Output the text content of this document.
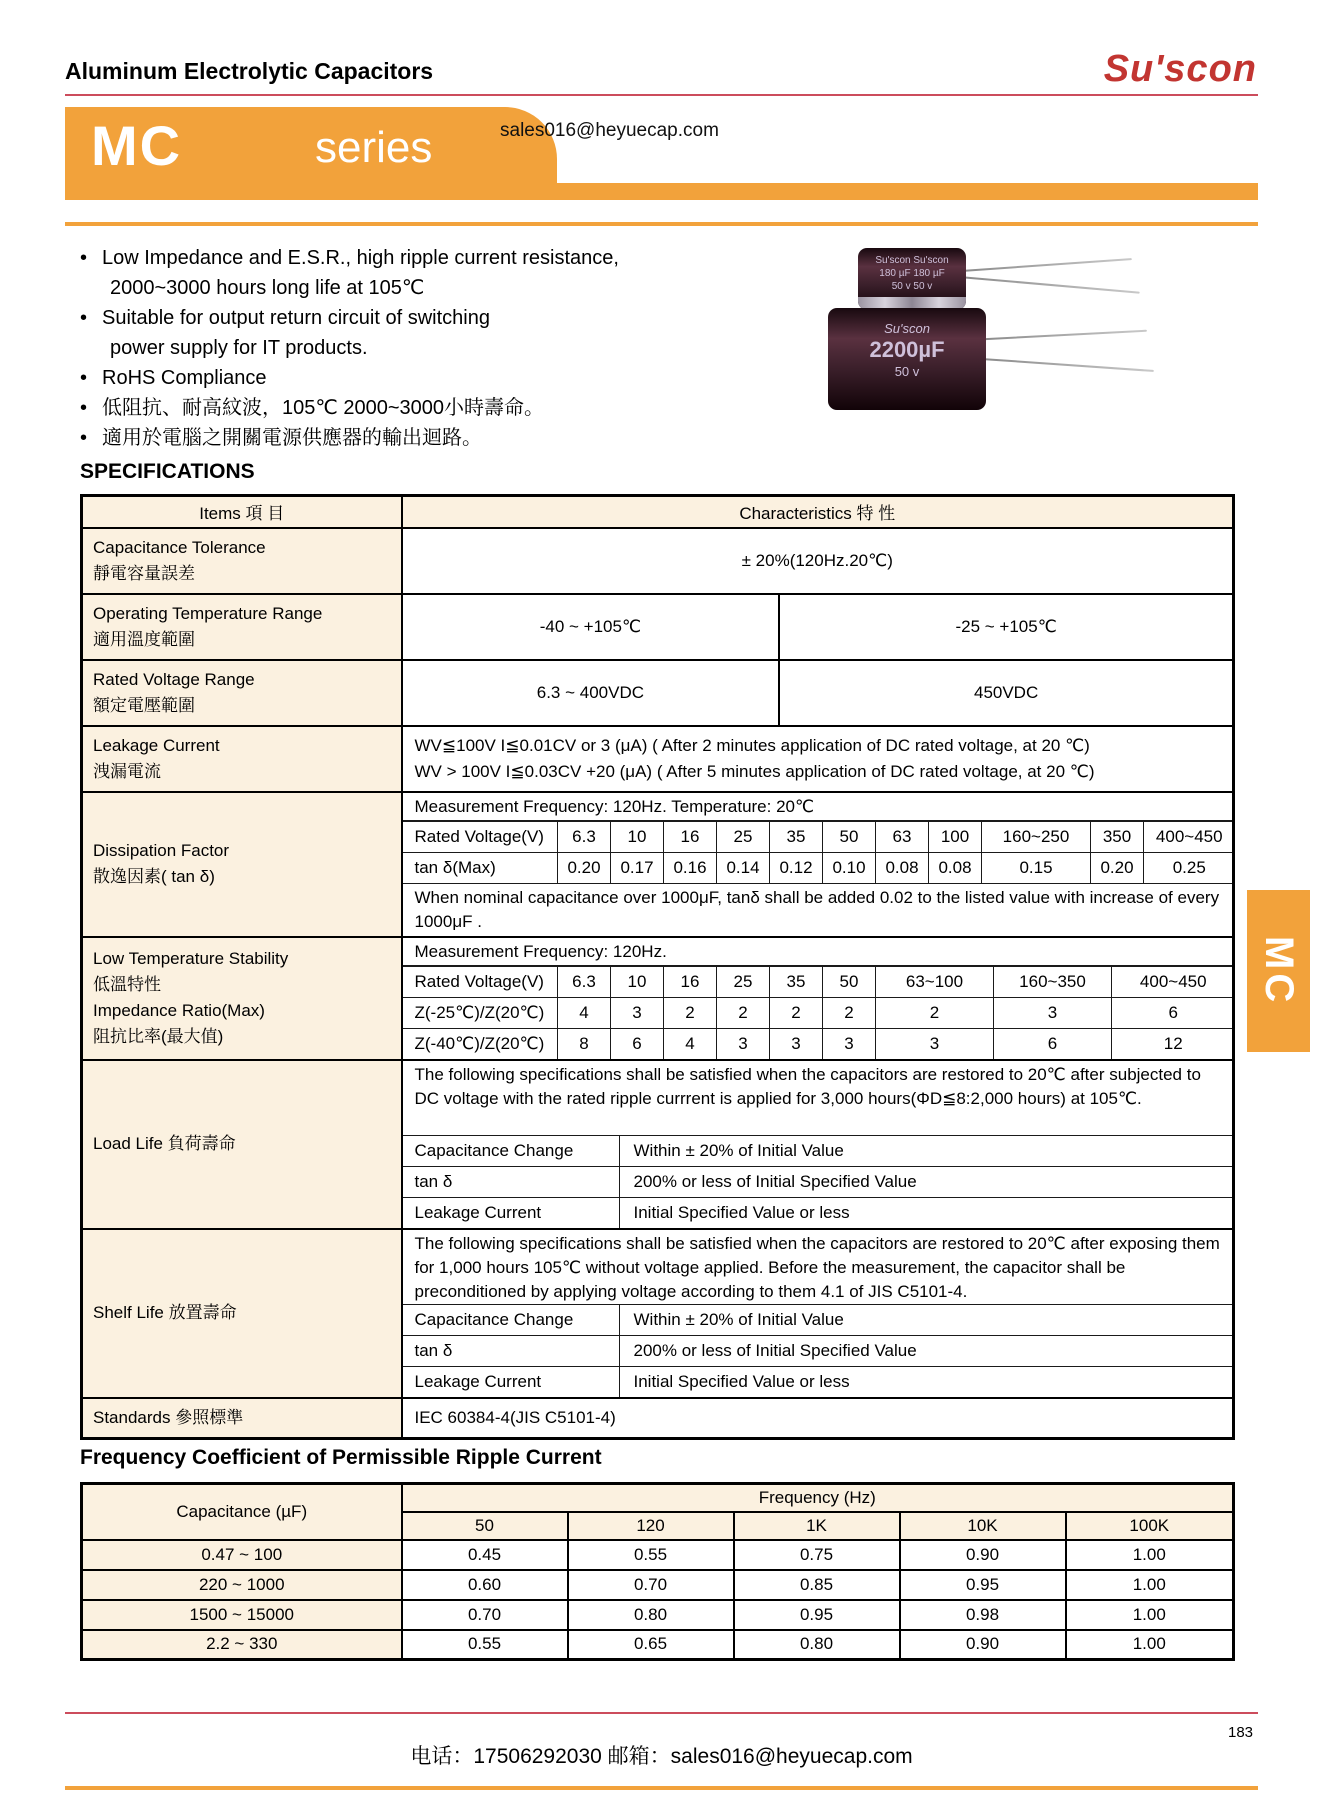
Aluminum Electrolytic Capacitors	Su'scon
MC	series	sales016@heyuecap.com
• Low Impedance and E.S.R., high ripple current resistance,
2000~3000 hours long life at 105℃
• Suitable for output return circuit of switching
power supply for IT products.
• RoHS Compliance
• 低阻抗、耐高紋波，105℃ 2000~3000小時壽命。
• 適用於電腦之開關電源供應器的輸出迴路。
Su'scon Su'scon
180 µF 180 µF
50 v 50 v
Su'scon
2200µF
50 v
SPECIFICATIONS
Items 項 目	Characteristics 特 性

Capacitance Tolerance
靜電容量誤差
	± 20%(120Hz.20℃)

Operating Temperature Range
適用溫度範圍

-40 ~ +105℃	-25 ~ +105℃

Rated Voltage Range
額定電壓範圍

6.3 ~ 400VDC	450VDC

Leakage Current
洩漏電流

WV≦100V I≦0.01CV or 3 (μA) ( After 2 minutes application of DC rated voltage, at 20 ℃)
WV > 100V I≦0.03CV +20 (μA) ( After 5 minutes application of DC rated voltage, at 20 ℃)

Dissipation Factor
散逸因素( tan δ)

Measurement Frequency: 120Hz. Temperature: 20℃
Rated Voltage(V)	6.3	10	16	25	35	50	63	100	160~250	350	400~450
tan δ(Max)	0.20	0.17	0.16	0.14	0.12	0.10	0.08	0.08	0.15	0.20	0.25
When nominal capacitance over 1000μF, tanδ shall be added 0.02 to the listed value with increase of every 1000μF .

Low Temperature Stability
低溫特性
Impedance Ratio(Max)
阻抗比率(最大值)

Measurement Frequency: 120Hz.
Rated Voltage(V)	6.3	10	16	25	35	50	63~100	160~350	400~450
Z(-25℃)/Z(20℃)	4	3	2	2	2	2	2	3	6
Z(-40℃)/Z(20℃)	8	6	4	3	3	3	3	6	12

Load Life 負荷壽命	
The following specifications shall be satisfied when the capacitors are restored to 20℃ after subjected to DC voltage with the rated ripple currrent is applied for 3,000 hours(ΦD≦8:2,000 hours) at 105℃.
Capacitance Change	Within ± 20% of Initial Value
tan δ	200% or less of Initial Specified Value
Leakage Current	Initial Specified Value or less

Shelf Life 放置壽命	
The following specifications shall be satisfied when the capacitors are restored to 20℃ after exposing them for 1,000 hours 105℃ without voltage applied. Before the measurement, the capacitor shall be preconditioned by applying voltage according to them 4.1 of JIS C5101-4.
Capacitance Change	Within ± 20% of Initial Value
tan δ	200% or less of Initial Specified Value
Leakage Current	Initial Specified Value or less

Standards 參照標準	IEC 60384-4(JIS C5101-4)
Frequency Coefficient of Permissible Ripple Current
Capacitance (µF)	Frequency (Hz)				
	50	120	1K	10K	100K
0.47 ~ 100	0.45	0.55	0.75	0.90	1.00
220 ~ 1000	0.60	0.70	0.85	0.95	1.00
1500 ~ 15000	0.70	0.80	0.95	0.98	1.00
2.2 ~ 330	0.55	0.65	0.80	0.90	1.00
MC
183
电话：17506292030 邮箱：sales016@heyuecap.com
